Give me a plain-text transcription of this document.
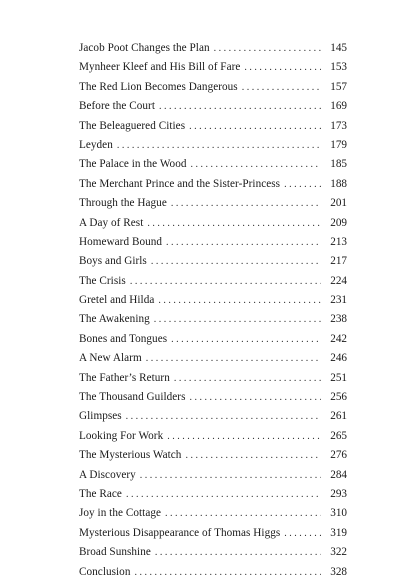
Jacob Poot Changes the Plan . . .	145
Mynheer Kleef and His Bill of Fare . . .	153
The Red Lion Becomes Dangerous . . .	157
Before the Court . . .	169
The Beleaguered Cities . . .	173
Leyden . . .	179
The Palace in the Wood . . .	185
The Merchant Prince and the Sister-Princess . . .	188
Through the Hague . . .	201
A Day of Rest . . .	209
Homeward Bound . . .	213
Boys and Girls . . .	217
The Crisis . . .	224
Gretel and Hilda . . .	231
The Awakening . . .	238
Bones and Tongues . . .	242
A New Alarm . . .	246
The Father’s Return . . .	251
The Thousand Guilders . . .	256
Glimpses . . .	261
Looking For Work . . .	265
The Mysterious Watch . . .	276
A Discovery . . .	284
The Race . . .	293
Joy in the Cottage . . .	310
Mysterious Disappearance of Thomas Higgs . . .	319
Broad Sunshine . . .	322
Conclusion . . .	328
